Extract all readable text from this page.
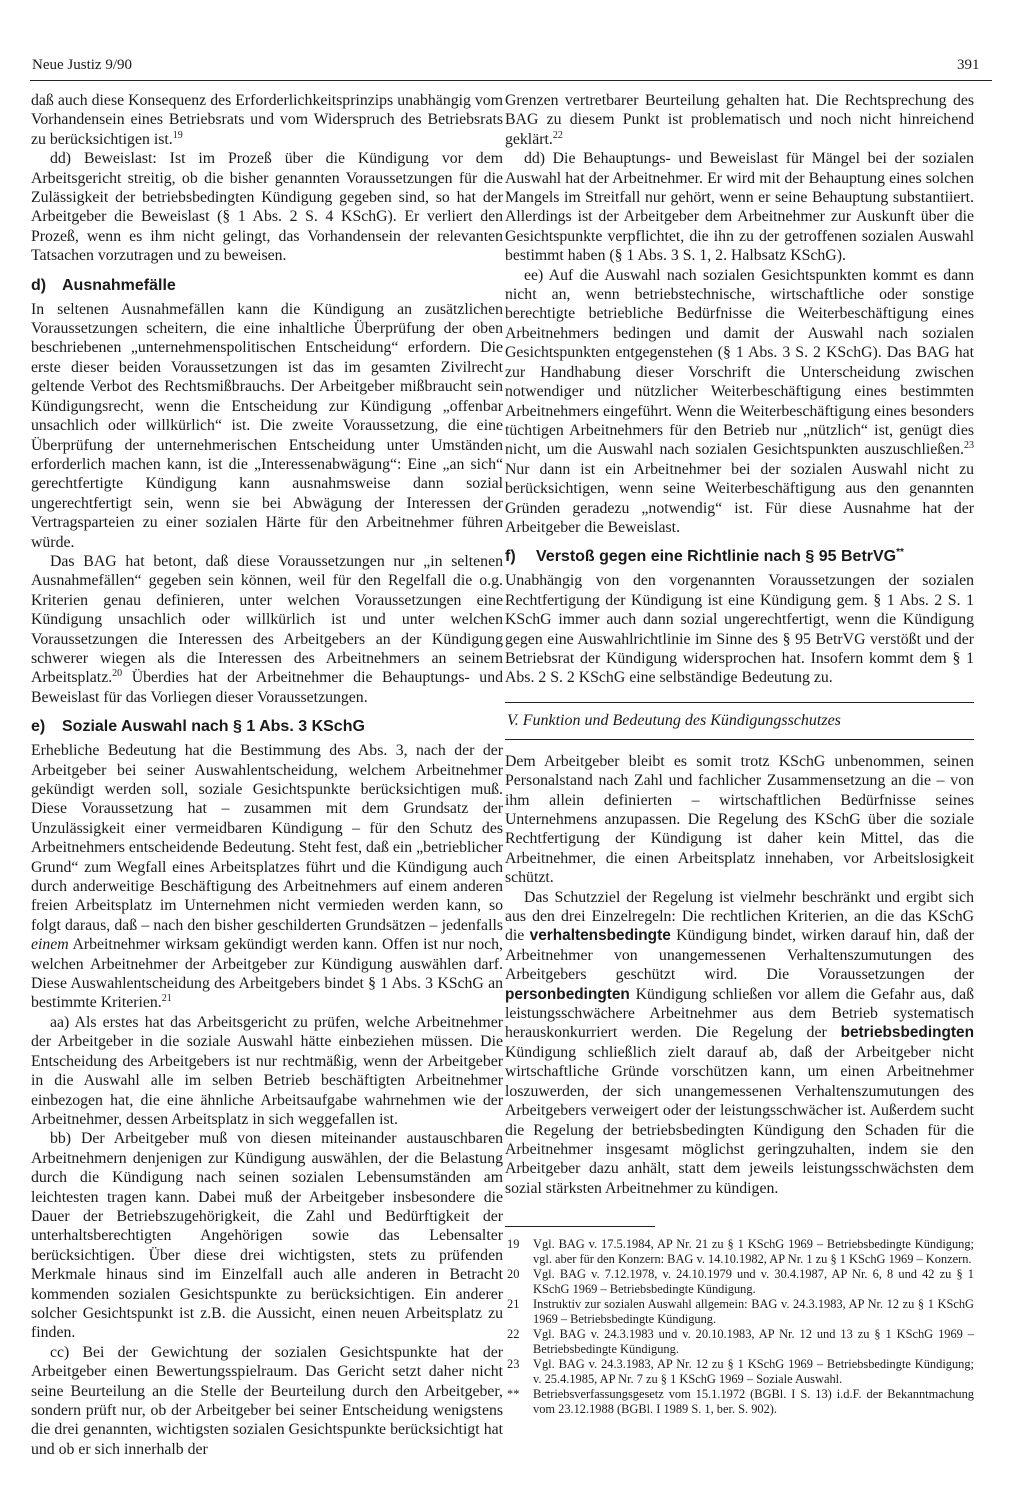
Neue Justiz 9/90	391

daß auch diese Konsequenz des Erforderlichkeitsprinzips unabhängig vom Vorhandensein eines Betriebsrats und vom Widerspruch des Betriebsrats zu berücksichtigen ist.$^{19}$

dd) Beweislast: Ist im Prozeß über die Kündigung vor dem Arbeitsgericht streitig, ob die bisher genannten Voraussetzungen für die Zulässigkeit der betriebsbedingten Kündigung gegeben sind, so hat der Arbeitgeber die Beweislast (§ 1 Abs. 2 S. 4 KSchG). Er verliert den Prozeß, wenn es ihm nicht gelingt, das Vorhandensein der relevanten Tatsachen vorzutragen und zu beweisen.

d) Ausnahmefälle

In seltenen Ausnahmefällen kann die Kündigung an zusätzlichen Voraussetzungen scheitern, die eine inhaltliche Überprüfung der oben beschriebenen „unternehmenspolitischen Entscheidung“ erfordern. Die erste dieser beiden Voraussetzungen ist das im gesamten Zivilrecht geltende Verbot des Rechtsmißbrauchs. Der Arbeitgeber mißbraucht sein Kündigungsrecht, wenn die Entscheidung zur Kündigung „offenbar unsachlich oder willkürlich“ ist. Die zweite Voraussetzung, die eine Überprüfung der unternehmerischen Entscheidung unter Umständen erforderlich machen kann, ist die „Interessenabwägung“: Eine „an sich“ gerechtfertigte Kündigung kann ausnahmsweise dann sozial ungerechtfertigt sein, wenn sie bei Abwägung der Interessen der Vertragsparteien zu einer sozialen Härte für den Arbeitnehmer führen würde.

Das BAG hat betont, daß diese Voraussetzungen nur „in seltenen Ausnahmefällen“ gegeben sein können, weil für den Regelfall die o.g. Kriterien genau definieren, unter welchen Voraussetzungen eine Kündigung unsachlich oder willkürlich ist und unter welchen Voraussetzungen die Interessen des Arbeitgebers an der Kündigung schwerer wiegen als die Interessen des Arbeitnehmers an seinem Arbeitsplatz.$^{20}$ Überdies hat der Arbeitnehmer die Behauptungs- und Beweislast für das Vorliegen dieser Voraussetzungen.

e) Soziale Auswahl nach § 1 Abs. 3 KSchG

Erhebliche Bedeutung hat die Bestimmung des Abs. 3, nach der der Arbeitgeber bei seiner Auswahlentscheidung, welchem Arbeitnehmer gekündigt werden soll, soziale Gesichtspunkte berücksichtigen muß. Diese Voraussetzung hat – zusammen mit dem Grundsatz der Unzulässigkeit einer vermeidbaren Kündigung – für den Schutz des Arbeitnehmers entscheidende Bedeutung. Steht fest, daß ein „betrieblicher Grund“ zum Wegfall eines Arbeitsplatzes führt und die Kündigung auch durch anderweitige Beschäftigung des Arbeitnehmers auf einem anderen freien Arbeitsplatz im Unternehmen nicht vermieden werden kann, so folgt daraus, daß – nach den bisher geschilderten Grundsätzen – jedenfalls einem Arbeitnehmer wirksam gekündigt werden kann. Offen ist nur noch, welchen Arbeitnehmer der Arbeitgeber zur Kündigung auswählen darf. Diese Auswahlentscheidung des Arbeitgebers bindet § 1 Abs. 3 KSchG an bestimmte Kriterien.$^{21}$

aa) Als erstes hat das Arbeitsgericht zu prüfen, welche Arbeitnehmer der Arbeitgeber in die soziale Auswahl hätte einbeziehen müssen. Die Entscheidung des Arbeitgebers ist nur rechtmäßig, wenn der Arbeitgeber in die Auswahl alle im selben Betrieb beschäftigten Arbeitnehmer einbezogen hat, die eine ähnliche Arbeitsaufgabe wahrnehmen wie der Arbeitnehmer, dessen Arbeitsplatz in sich weggefallen ist.

bb) Der Arbeitgeber muß von diesen miteinander austauschbaren Arbeitnehmern denjenigen zur Kündigung auswählen, der die Belastung durch die Kündigung nach seinen sozialen Lebensumständen am leichtesten tragen kann. Dabei muß der Arbeitgeber insbesondere die Dauer der Betriebszugehörigkeit, die Zahl und Bedürftigkeit der unterhaltsberechtigten Angehörigen sowie das Lebensalter berücksichtigen. Über diese drei wichtigsten, stets zu prüfenden Merkmale hinaus sind im Einzelfall auch alle anderen in Betracht kommenden sozialen Gesichtspunkte zu berücksichtigen. Ein anderer solcher Gesichtspunkt ist z.B. die Aussicht, einen neuen Arbeitsplatz zu finden.

cc) Bei der Gewichtung der sozialen Gesichtspunkte hat der Arbeitgeber einen Bewertungsspielraum. Das Gericht setzt daher nicht seine Beurteilung an die Stelle der Beurteilung durch den Arbeitgeber, sondern prüft nur, ob der Arbeitgeber bei seiner Entscheidung wenigstens die drei genannten, wichtigsten sozialen Gesichtspunkte berücksichtigt hat und ob er sich innerhalb der

Grenzen vertretbarer Beurteilung gehalten hat. Die Rechtsprechung des BAG zu diesem Punkt ist problematisch und noch nicht hinreichend geklärt.$^{22}$

dd) Die Behauptungs- und Beweislast für Mängel bei der sozialen Auswahl hat der Arbeitnehmer. Er wird mit der Behauptung eines solchen Mangels im Streitfall nur gehört, wenn er seine Behauptung substantiiert. Allerdings ist der Arbeitgeber dem Arbeitnehmer zur Auskunft über die Gesichtspunkte verpflichtet, die ihn zu der getroffenen sozialen Auswahl bestimmt haben (§ 1 Abs. 3 S. 1, 2. Halbsatz KSchG).

ee) Auf die Auswahl nach sozialen Gesichtspunkten kommt es dann nicht an, wenn betriebstechnische, wirtschaftliche oder sonstige berechtigte betriebliche Bedürfnisse die Weiterbeschäftigung eines Arbeitnehmers bedingen und damit der Auswahl nach sozialen Gesichtspunkten entgegenstehen (§ 1 Abs. 3 S. 2 KSchG). Das BAG hat zur Handhabung dieser Vorschrift die Unterscheidung zwischen notwendiger und nützlicher Weiterbeschäftigung eines bestimmten Arbeitnehmers eingeführt. Wenn die Weiterbeschäftigung eines besonders tüchtigen Arbeitnehmers für den Betrieb nur „nützlich“ ist, genügt dies nicht, um die Auswahl nach sozialen Gesichtspunkten auszuschließen.$^{23}$ Nur dann ist ein Arbeitnehmer bei der sozialen Auswahl nicht zu berücksichtigen, wenn seine Weiterbeschäftigung aus den genannten Gründen geradezu „notwendig“ ist. Für diese Ausnahme hat der Arbeitgeber die Beweislast.

f) Verstoß gegen eine Richtlinie nach § 95 BetrVG**

Unabhängig von den vorgenannten Voraussetzungen der sozialen Rechtfertigung der Kündigung ist eine Kündigung gem. § 1 Abs. 2 S. 1 KSchG immer auch dann sozial ungerechtfertigt, wenn die Kündigung gegen eine Auswahlrichtlinie im Sinne des § 95 BetrVG verstößt und der Betriebsrat der Kündigung widersprochen hat. Insofern kommt dem § 1 Abs. 2 S. 2 KSchG eine selbständige Bedeutung zu.

V. Funktion und Bedeutung des Kündigungsschutzes

Dem Arbeitgeber bleibt es somit trotz KSchG unbenommen, seinen Personalstand nach Zahl und fachlicher Zusammensetzung an die – von ihm allein definierten – wirtschaftlichen Bedürfnisse seines Unternehmens anzupassen. Die Regelung des KSchG über die soziale Rechtfertigung der Kündigung ist daher kein Mittel, das die Arbeitnehmer, die einen Arbeitsplatz innehaben, vor Arbeitslosigkeit schützt.

Das Schutzziel der Regelung ist vielmehr beschränkt und ergibt sich aus den drei Einzelregeln: Die rechtlichen Kriterien, an die das KSchG die verhaltensbedingte Kündigung bindet, wirken darauf hin, daß der Arbeitnehmer von unangemessenen Verhaltenszumutungen des Arbeitgebers geschützt wird. Die Voraussetzungen der personbedingten Kündigung schließen vor allem die Gefahr aus, daß leistungsschwächere Arbeitnehmer aus dem Betrieb systematisch herauskonkurriert werden. Die Regelung der betriebsbedingten Kündigung schließlich zielt darauf ab, daß der Arbeitgeber nicht wirtschaftliche Gründe vorschützen kann, um einen Arbeitnehmer loszuwerden, der sich unangemessenen Verhaltenszumutungen des Arbeitgebers verweigert oder der leistungsschwächer ist. Außerdem sucht die Regelung der betriebsbedingten Kündigung den Schaden für die Arbeitnehmer insgesamt möglichst geringzuhalten, indem sie den Arbeitgeber dazu anhält, statt dem jeweils leistungsschwächsten dem sozial stärksten Arbeitnehmer zu kündigen.

19	Vgl. BAG v. 17.5.1984, AP Nr. 21 zu § 1 KSchG 1969 – Betriebsbedingte Kündigung; vgl. aber für den Konzern: BAG v. 14.10.1982, AP Nr. 1 zu § 1 KSchG 1969 – Konzern.
20	Vgl. BAG v. 7.12.1978, v. 24.10.1979 und v. 30.4.1987, AP Nr. 6, 8 und 42 zu § 1 KSchG 1969 – Betriebsbedingte Kündigung.
21	Instruktiv zur sozialen Auswahl allgemein: BAG v. 24.3.1983, AP Nr. 12 zu § 1 KSchG 1969 – Betriebsbedingte Kündigung.
22	Vgl. BAG v. 24.3.1983 und v. 20.10.1983, AP Nr. 12 und 13 zu § 1 KSchG 1969 – Betriebsbedingte Kündigung.
23	Vgl. BAG v. 24.3.1983, AP Nr. 12 zu § 1 KSchG 1969 – Betriebsbedingte Kündigung; v. 25.4.1985, AP Nr. 7 zu § 1 KSchG 1969 – Soziale Auswahl.
**	Betriebsverfassungsgesetz vom 15.1.1972 (BGBl. I S. 13) i.d.F. der Bekanntmachung vom 23.12.1988 (BGBl. I 1989 S. 1, ber. S. 902).
